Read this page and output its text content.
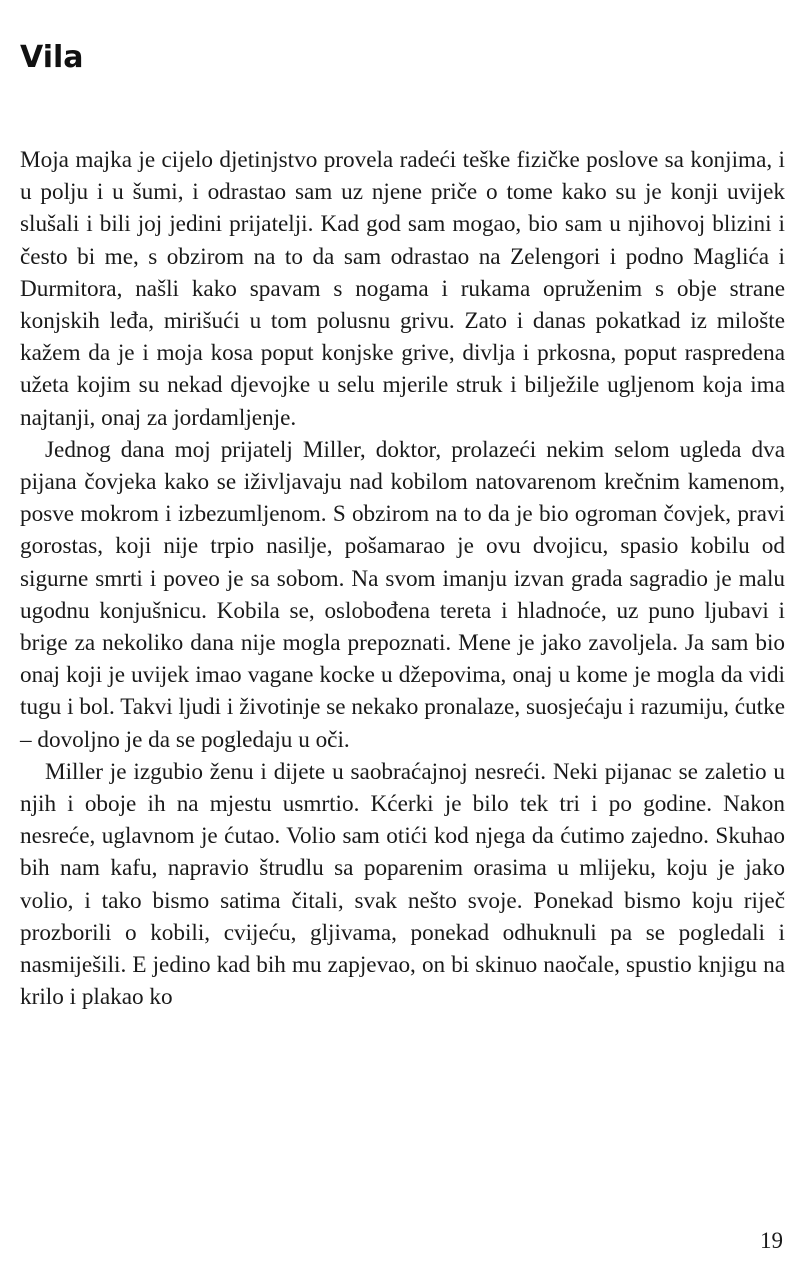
Vila

Moja majka je cijelo djetinjstvo provela radeći teške fizičke poslove sa konjima, i u polju i u šumi, i odrastao sam uz njene priče o tome kako su je konji uvijek slušali i bili joj jedini prijatelji. Kad god sam mogao, bio sam u njihovoj blizini i često bi me, s obzirom na to da sam odrastao na Zelengori i podno Maglića i Durmitora, našli kako spavam s nogama i rukama opruženim s obje strane konjskih leđa, mirišući u tom polusnu grivu. Zato i danas pokatkad iz milošte kažem da je i moja kosa poput konjske grive, divlja i prkosna, poput raspredena užeta kojim su nekad djevojke u selu mjerile struk i bilježile ugljenom koja ima najtanji, onaj za jordamljenje.

Jednog dana moj prijatelj Miller, doktor, prolazeći nekim selom ugleda dva pijana čovjeka kako se iživljavaju nad kobilom natovarenom krečnim kamenom, posve mokrom i izbezumljenom. S obzirom na to da je bio ogroman čovjek, pravi gorostas, koji nije trpio nasilje, pošamarao je ovu dvojicu, spasio kobilu od sigurne smrti i poveo je sa sobom. Na svom imanju izvan grada sagradio je malu ugodnu konjušnicu. Kobila se, oslobođena tereta i hladnoće, uz puno ljubavi i brige za nekoliko dana nije mogla prepoznati. Mene je jako zavoljela. Ja sam bio onaj koji je uvijek imao vagane kocke u džepovima, onaj u kome je mogla da vidi tugu i bol. Takvi ljudi i životinje se nekako pronalaze, suosjećaju i razumiju, ćutke – dovoljno je da se pogledaju u oči.

Miller je izgubio ženu i dijete u saobraćajnoj nesreći. Neki pijanac se zaletio u njih i oboje ih na mjestu usmrtio. Kćerki je bilo tek tri i po godine. Nakon nesreće, uglavnom je ćutao. Volio sam otići kod njega da ćutimo zajedno. Skuhao bih nam kafu, napravio štrudlu sa poparenim orasima u mlijeku, koju je jako volio, i tako bismo satima čitali, svak nešto svoje. Ponekad bismo koju riječ prozborili o kobili, cvijeću, gljivama, ponekad odhuknuli pa se pogledali i nasmiješili. E jedino kad bih mu zapjevao, on bi skinuo naočale, spustio knjigu na krilo i plakao ko

19
